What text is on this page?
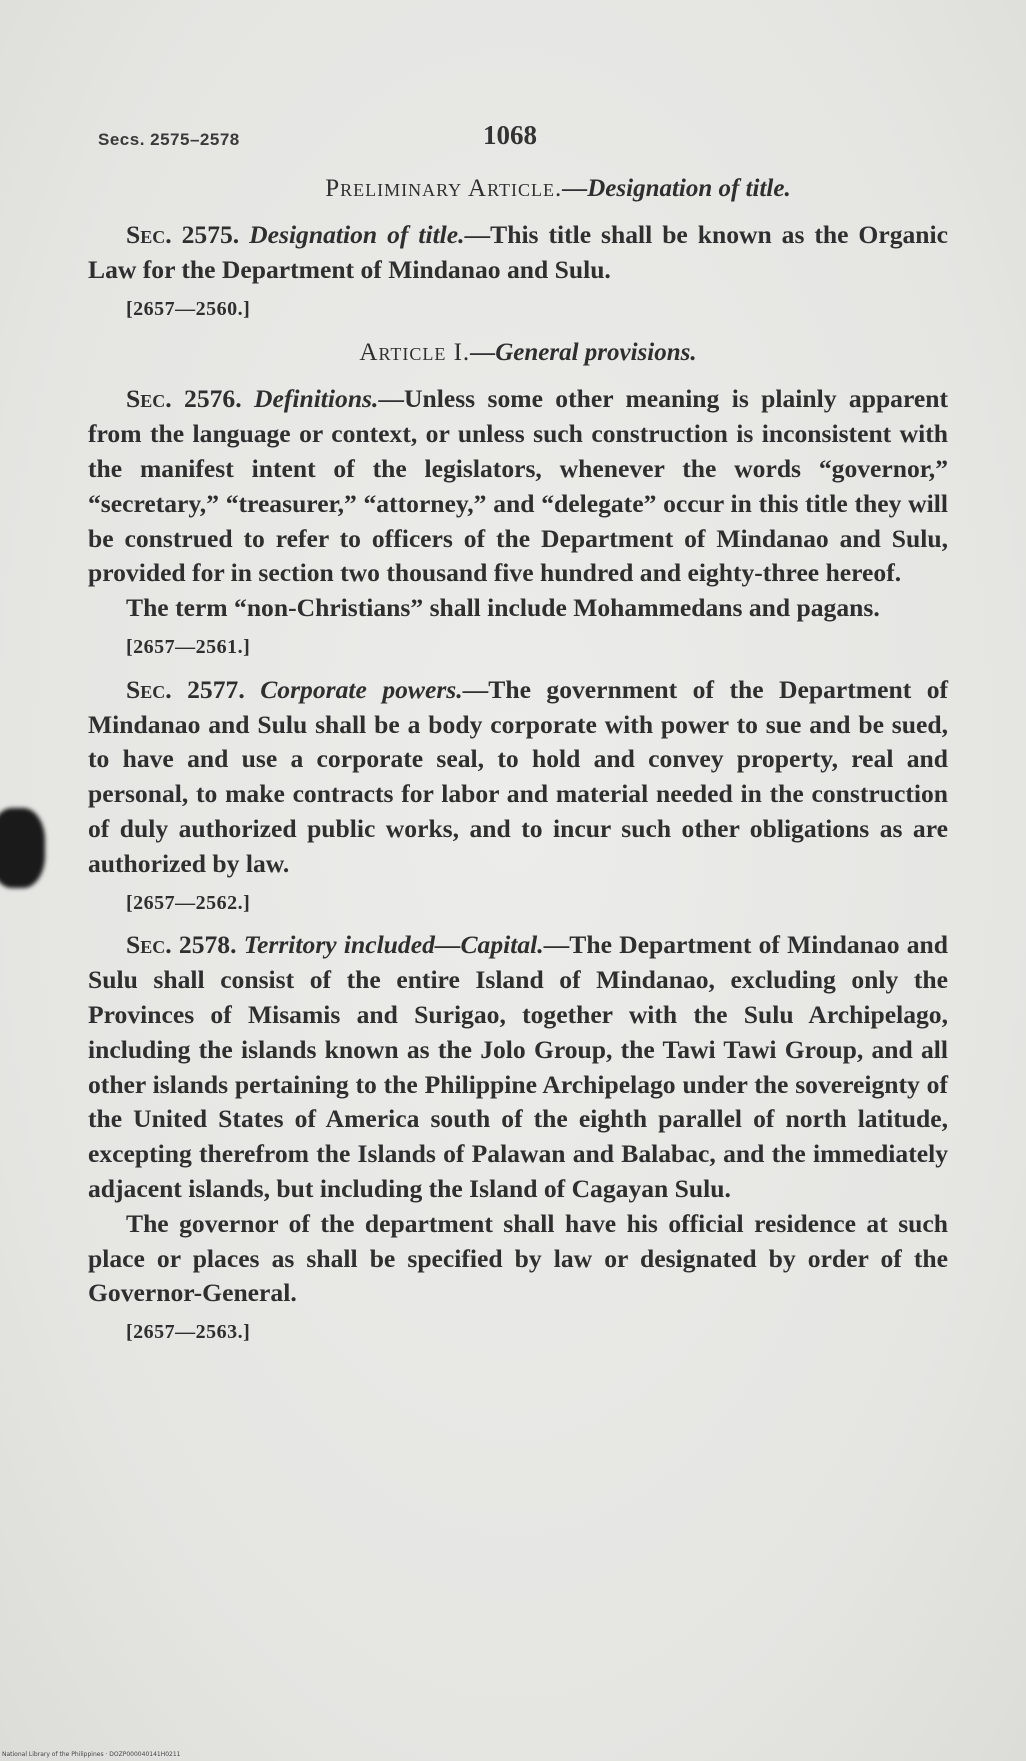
Secs. 2575–2578	1068
Preliminary Article.—Designation of title.

Sec. 2575. Designation of title.—This title shall be known as the Organic Law for the Department of Mindanao and Sulu.

[2657—2560.]
Article I.—General provisions.

Sec. 2576. Definitions.—Unless some other meaning is plainly apparent from the language or context, or unless such construction is inconsistent with the manifest intent of the legislators, whenever the words “governor,” “secretary,” “treasurer,” “attorney,” and “delegate” occur in this title they will be construed to refer to officers of the Department of Mindanao and Sulu, provided for in section two thousand five hundred and eighty-three hereof.

The term “non-Christians” shall include Mohammedans and pagans.

[2657—2561.]

Sec. 2577. Corporate powers.—The government of the Department of Mindanao and Sulu shall be a body corporate with power to sue and be sued, to have and use a corporate seal, to hold and convey property, real and personal, to make contracts for labor and material needed in the construction of duly authorized public works, and to incur such other obligations as are authorized by law.

[2657—2562.]

Sec. 2578. Territory included—Capital.—The Department of Mindanao and Sulu shall consist of the entire Island of Mindanao, excluding only the Provinces of Misamis and Surigao, together with the Sulu Archipelago, including the islands known as the Jolo Group, the Tawi Tawi Group, and all other islands pertaining to the Philippine Archipelago under the sovereignty of the United States of America south of the eighth parallel of north latitude, excepting therefrom the Islands of Palawan and Balabac, and the immediately adjacent islands, but including the Island of Cagayan Sulu.

The governor of the department shall have his official residence at such place or places as shall be specified by law or designated by order of the Governor-General.

[2657—2563.]
National Library of the Philippines · DOZP000040141H0211
